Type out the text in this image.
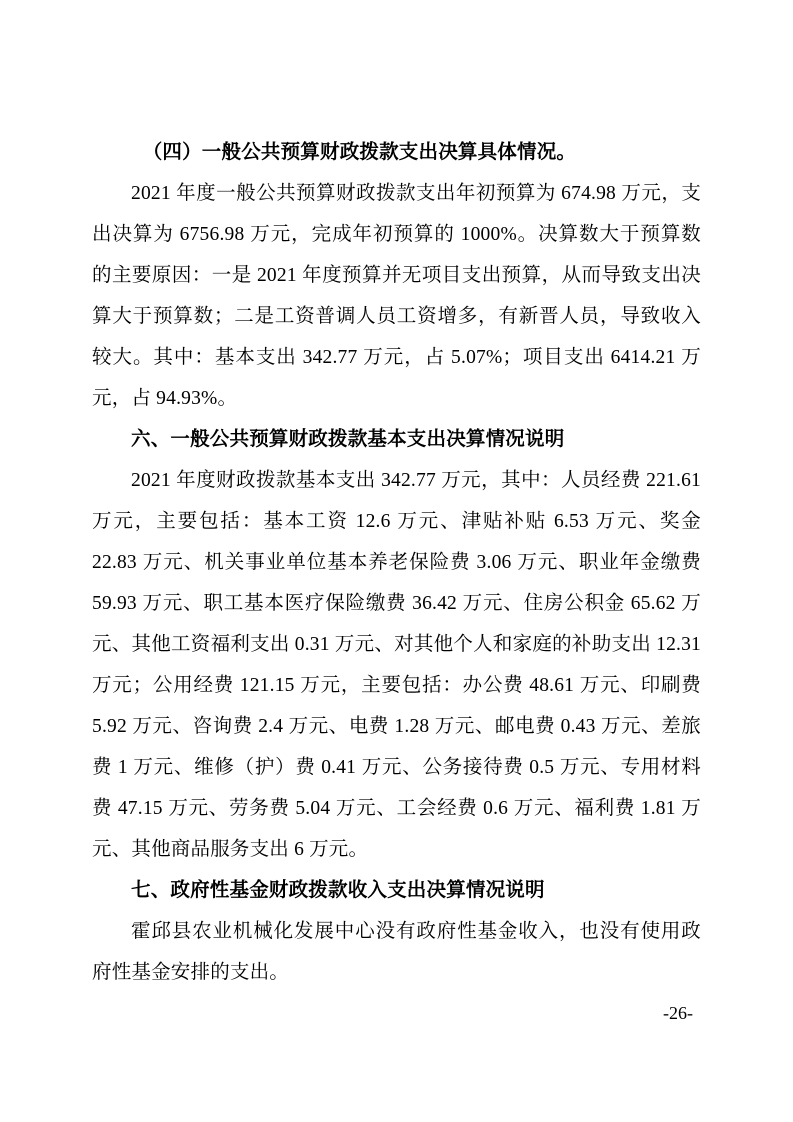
（四）一般公共预算财政拨款支出决算具体情况。

2021 年度一般公共预算财政拨款支出年初预算为 674.98 万元，支出决算为 6756.98 万元，完成年初预算的 1000%。决算数大于预算数的主要原因：一是 2021 年度预算并无项目支出预算，从而导致支出决算大于预算数；二是工资普调人员工资增多，有新晋人员，导致收入较大。其中：基本支出 342.77 万元，占 5.07%；项目支出 6414.21 万元，占 94.93%。

六、一般公共预算财政拨款基本支出决算情况说明

2021 年度财政拨款基本支出 342.77 万元，其中：人员经费 221.61 万元，主要包括：基本工资 12.6 万元、津贴补贴 6.53 万元、奖金 22.83 万元、机关事业单位基本养老保险费 3.06 万元、职业年金缴费 59.93 万元、职工基本医疗保险缴费 36.42 万元、住房公积金 65.62 万元、其他工资福利支出 0.31 万元、对其他个人和家庭的补助支出 12.31 万元；公用经费 121.15 万元，主要包括：办公费 48.61 万元、印刷费 5.92 万元、咨询费 2.4 万元、电费 1.28 万元、邮电费 0.43 万元、差旅费 1 万元、维修（护）费 0.41 万元、公务接待费 0.5 万元、专用材料费 47.15 万元、劳务费 5.04 万元、工会经费 0.6 万元、福利费 1.81 万元、其他商品服务支出 6 万元。

七、政府性基金财政拨款收入支出决算情况说明

霍邱县农业机械化发展中心没有政府性基金收入，也没有使用政府性基金安排的支出。

-26-
